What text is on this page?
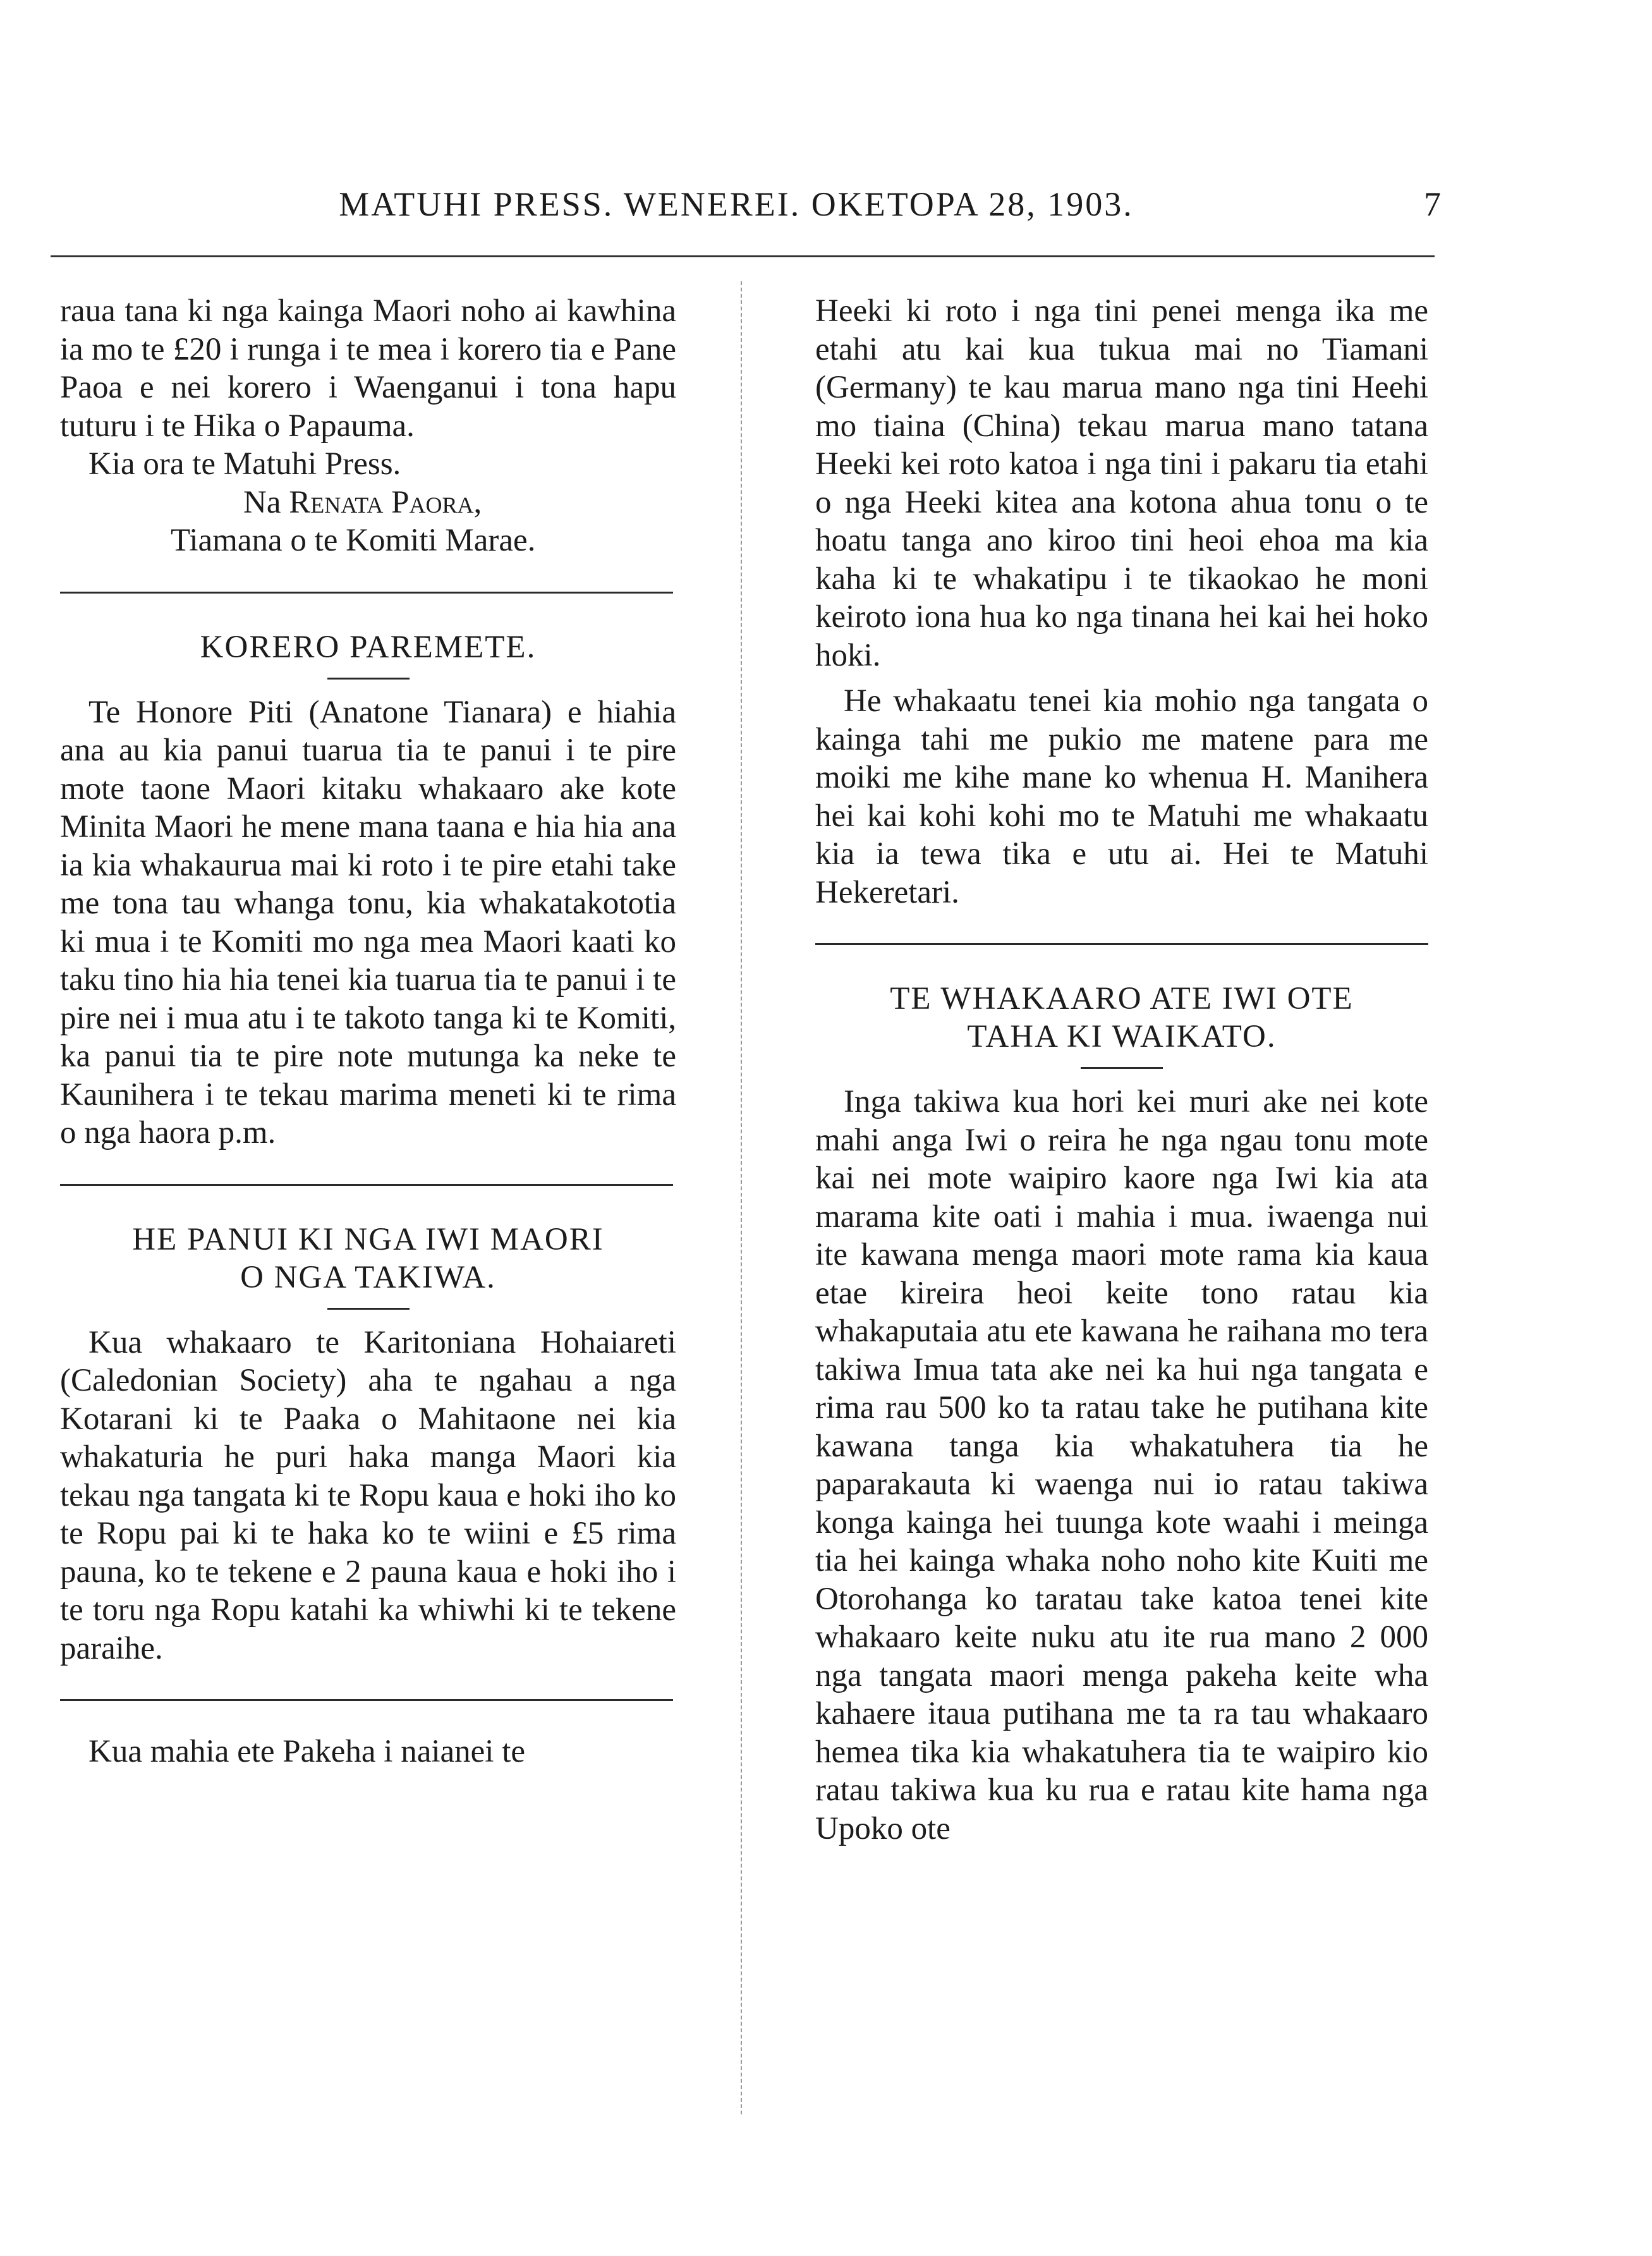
MATUHI PRESS. WENEREI. OKETOPA 28, 1903.	7

raua tana ki nga kainga Maori noho ai kawhina ia mo te £20 i runga i te mea i korero tia e Pane Paoa e nei korero i Waenganui i tona hapu tuturu i te Hika o Papauma.

Kia ora te Matuhi Press.
Na Renata Paora,
Tiamana o te Komiti Marae.
KORERO PAREMETE.

Te Honore Piti (Anatone Tianara) e hiahia ana au kia panui tuarua tia te panui i te pire mote taone Maori kitaku whakaaro ake kote Minita Maori he mene mana taana e hia hia ana ia kia whakaurua mai ki roto i te pire etahi take me tona tau whanga tonu, kia whakatakototia ki mua i te Komiti mo nga mea Maori kaati ko taku tino hia hia tenei kia tuarua tia te panui i te pire nei i mua atu i te takoto tanga ki te Komiti, ka panui tia te pire note mutunga ka neke te Kaunihera i te tekau marima meneti ki te rima o nga haora p.m.

HE PANUI KI NGA IWI MAORI
O NGA TAKIWA.

Kua whakaaro te Karitoniana Hohaiareti (Caledonian Society) aha te ngahau a nga Kotarani ki te Paaka o Mahitaone nei kia whakaturia he puri haka manga Maori kia tekau nga tangata ki te Ropu kaua e hoki iho ko te Ropu pai ki te haka ko te wiini e £5 rima pauna, ko te tekene e 2 pauna kaua e hoki iho i te toru nga Ropu katahi ka whiwhi ki te tekene paraihe.

Kua mahia ete Pakeha i naianei te

Heeki ki roto i nga tini penei menga ika me etahi atu kai kua tukua mai no Tiamani (Germany) te kau marua mano nga tini Heehi mo tiaina (China) tekau marua mano tatana Heeki kei roto katoa i nga tini i pakaru tia etahi o nga Heeki kitea ana kotona ahua tonu o te hoatu tanga ano kiroo tini heoi ehoa ma kia kaha ki te whakatipu i te tikaokao he moni keiroto iona hua ko nga tinana hei kai hei hoko hoki.

He whakaatu tenei kia mohio nga tangata o kainga tahi me pukio me matene para me moiki me kihe mane ko whenua H. Manihera hei kai kohi kohi mo te Matuhi me whakaatu kia ia tewa tika e utu ai. Hei te Matuhi Hekeretari.

TE WHAKAARO ATE IWI OTE
TAHA KI WAIKATO.

Inga takiwa kua hori kei muri ake nei kote mahi anga Iwi o reira he nga ngau tonu mote kai nei mote waipiro kaore nga Iwi kia ata marama kite oati i mahia i mua. iwaenga nui ite kawana menga maori mote rama kia kaua etae kireira heoi keite tono ratau kia whakaputaia atu ete kawana he raihana mo tera takiwa Imua tata ake nei ka hui nga tangata e rima rau 500 ko ta ratau take he putihana kite kawana tanga kia whakatuhera tia he paparakauta ki waenga nui io ratau takiwa konga kainga hei tuunga kote waahi i meinga tia hei kainga whaka noho noho kite Kuiti me Otorohanga ko taratau take katoa tenei kite whakaaro keite nuku atu ite rua mano 2 000 nga tangata maori menga pakeha keite wha kahaere itaua putihana me ta ra tau whakaaro hemea tika kia whakatuhera tia te waipiro kio ratau takiwa kua ku rua e ratau kite hama nga Upoko ote
